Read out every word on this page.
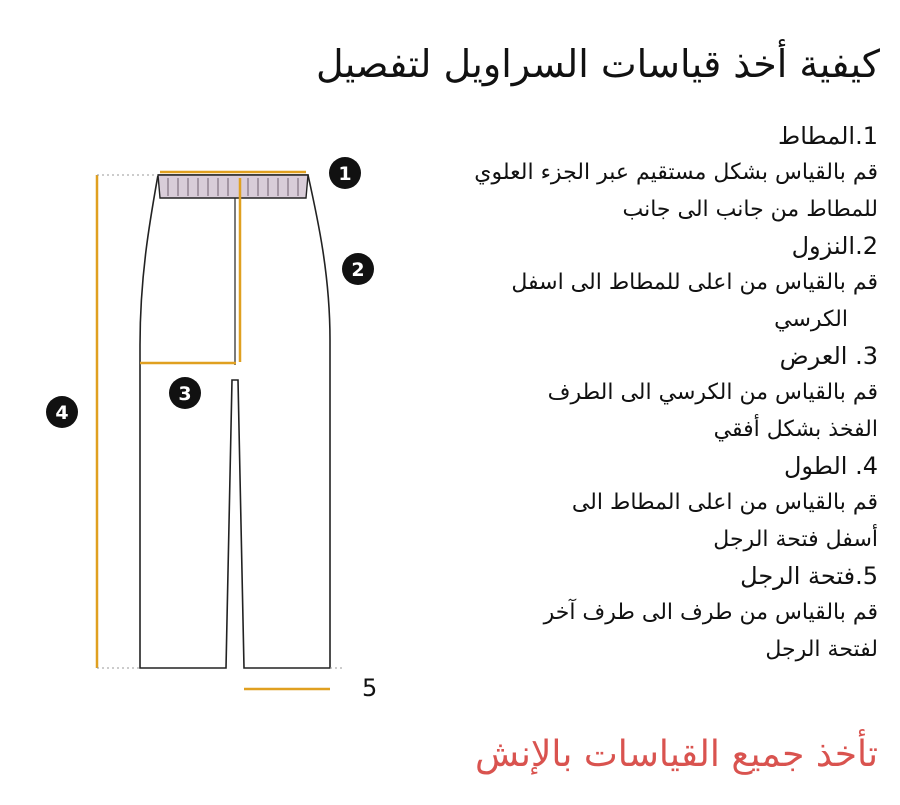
كيفية أخذ قياسات السراويل لتفصيل

1.المطاط

قم بالقياس بشكل مستقيم عبر الجزء العلوي

للمطاط من جانب الى جانب

2.النزول

قم بالقياس من اعلى للمطاط الى اسفل

الكرسي

3. العرض

قم بالقياس من الكرسي الى الطرف

الفخذ بشكل أفقي

4. الطول

قم بالقياس من اعلى المطاط الى

أسفل فتحة الرجل

5.فتحة الرجل

قم بالقياس من طرف الى طرف آخر

لفتحة الرجل

تأخذ جميع القياسات بالإنش
1
2
3
4
5
